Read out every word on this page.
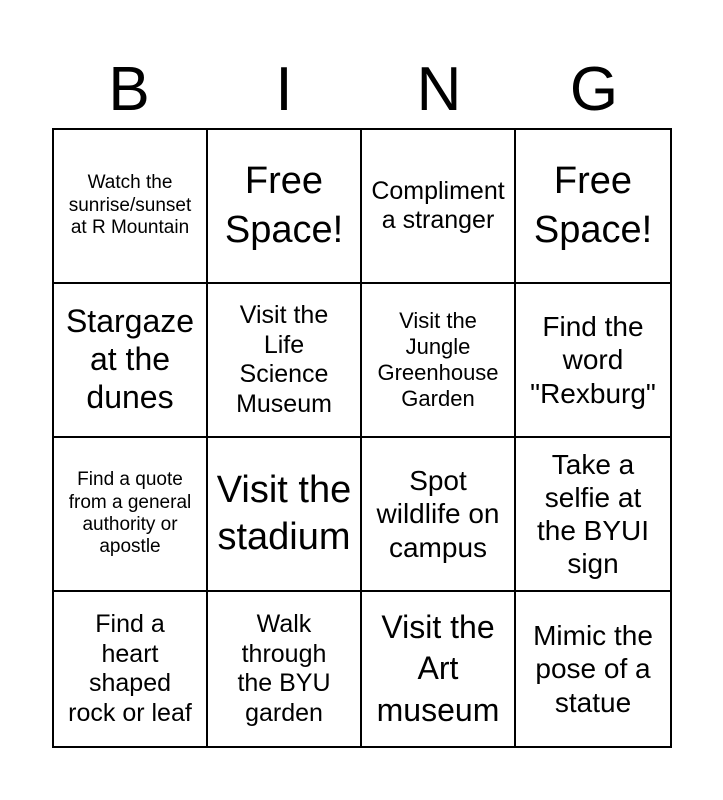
B	I	N	G
Watch the sunrise/sunset at R Mountain
Free Space!
Compliment a stranger
Free Space!
Stargaze at the dunes
Visit the Life Science Museum
Visit the Jungle Greenhouse Garden
Find the word "Rexburg"
Find a quote from a general authority or apostle
Visit the stadium
Spot wildlife on campus
Take a selfie at the BYUI sign
Find a heart shaped rock or leaf
Walk through the BYU garden
Visit the Art museum
Mimic the pose of a statue
